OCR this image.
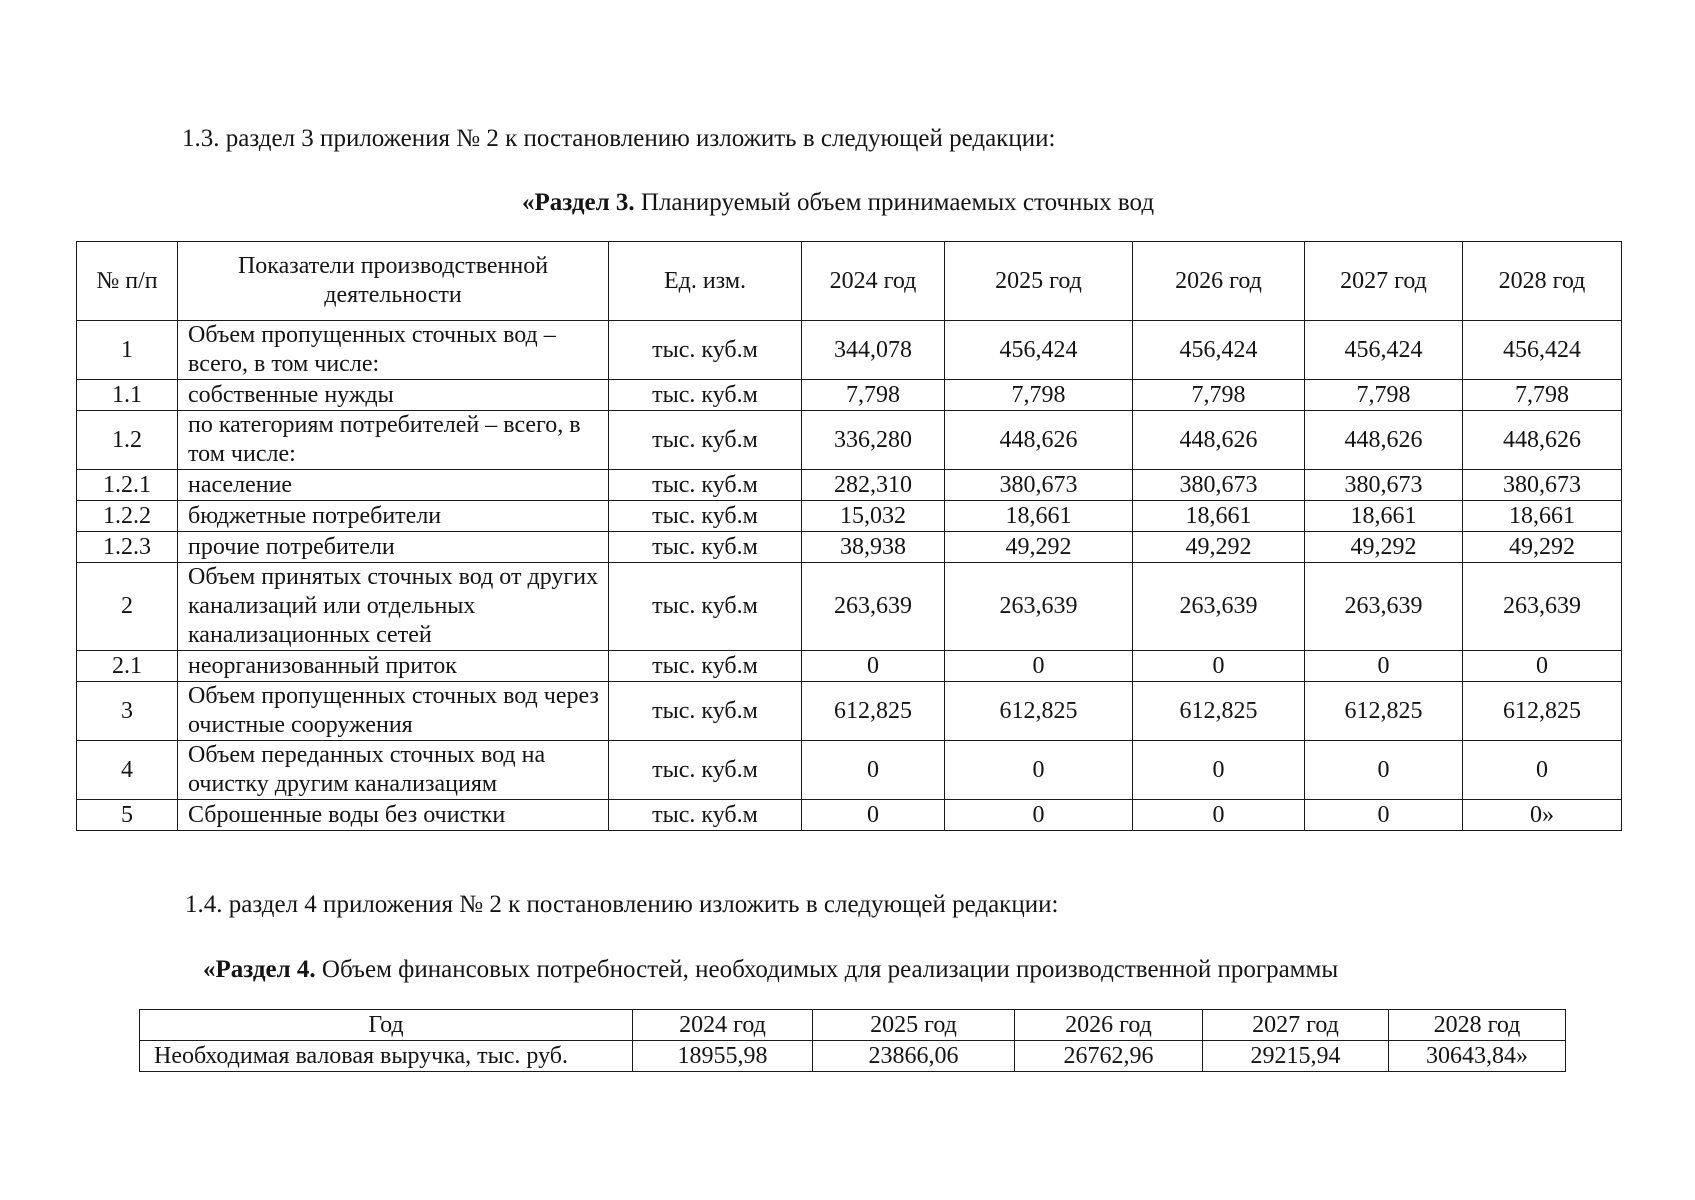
1.3. раздел 3 приложения № 2 к постановлению изложить в следующей редакции:

«Раздел 3. Планируемый объем принимаемых сточных вод

№ п/п	Показатели производственной деятельности	Ед. изм.	2024 год	2025 год	2026 год	2027 год	2028 год
1	Объем пропущенных сточных вод – всего, в том числе:	тыс. куб.м	344,078	456,424	456,424	456,424	456,424
1.1	собственные нужды	тыс. куб.м	7,798	7,798	7,798	7,798	7,798
1.2	по категориям потребителей – всего, в том числе:	тыс. куб.м	336,280	448,626	448,626	448,626	448,626
1.2.1	население	тыс. куб.м	282,310	380,673	380,673	380,673	380,673
1.2.2	бюджетные потребители	тыс. куб.м	15,032	18,661	18,661	18,661	18,661
1.2.3	прочие потребители	тыс. куб.м	38,938	49,292	49,292	49,292	49,292
2	Объем принятых сточных вод от других канализаций или отдельных канализационных сетей	тыс. куб.м	263,639	263,639	263,639	263,639	263,639
2.1	неорганизованный приток	тыс. куб.м	0	0	0	0	0
3	Объем пропущенных сточных вод через очистные сооружения	тыс. куб.м	612,825	612,825	612,825	612,825	612,825
4	Объем переданных сточных вод на очистку другим канализациям	тыс. куб.м	0	0	0	0	0
5	Сброшенные воды без очистки	тыс. куб.м	0	0	0	0	0»

1.4. раздел 4 приложения № 2 к постановлению изложить в следующей редакции:

«Раздел 4. Объем финансовых потребностей, необходимых для реализации производственной программы

Год	2024 год	2025 год	2026 год	2027 год	2028 год
Необходимая валовая выручка, тыс. руб.	18955,98	23866,06	26762,96	29215,94	30643,84»
